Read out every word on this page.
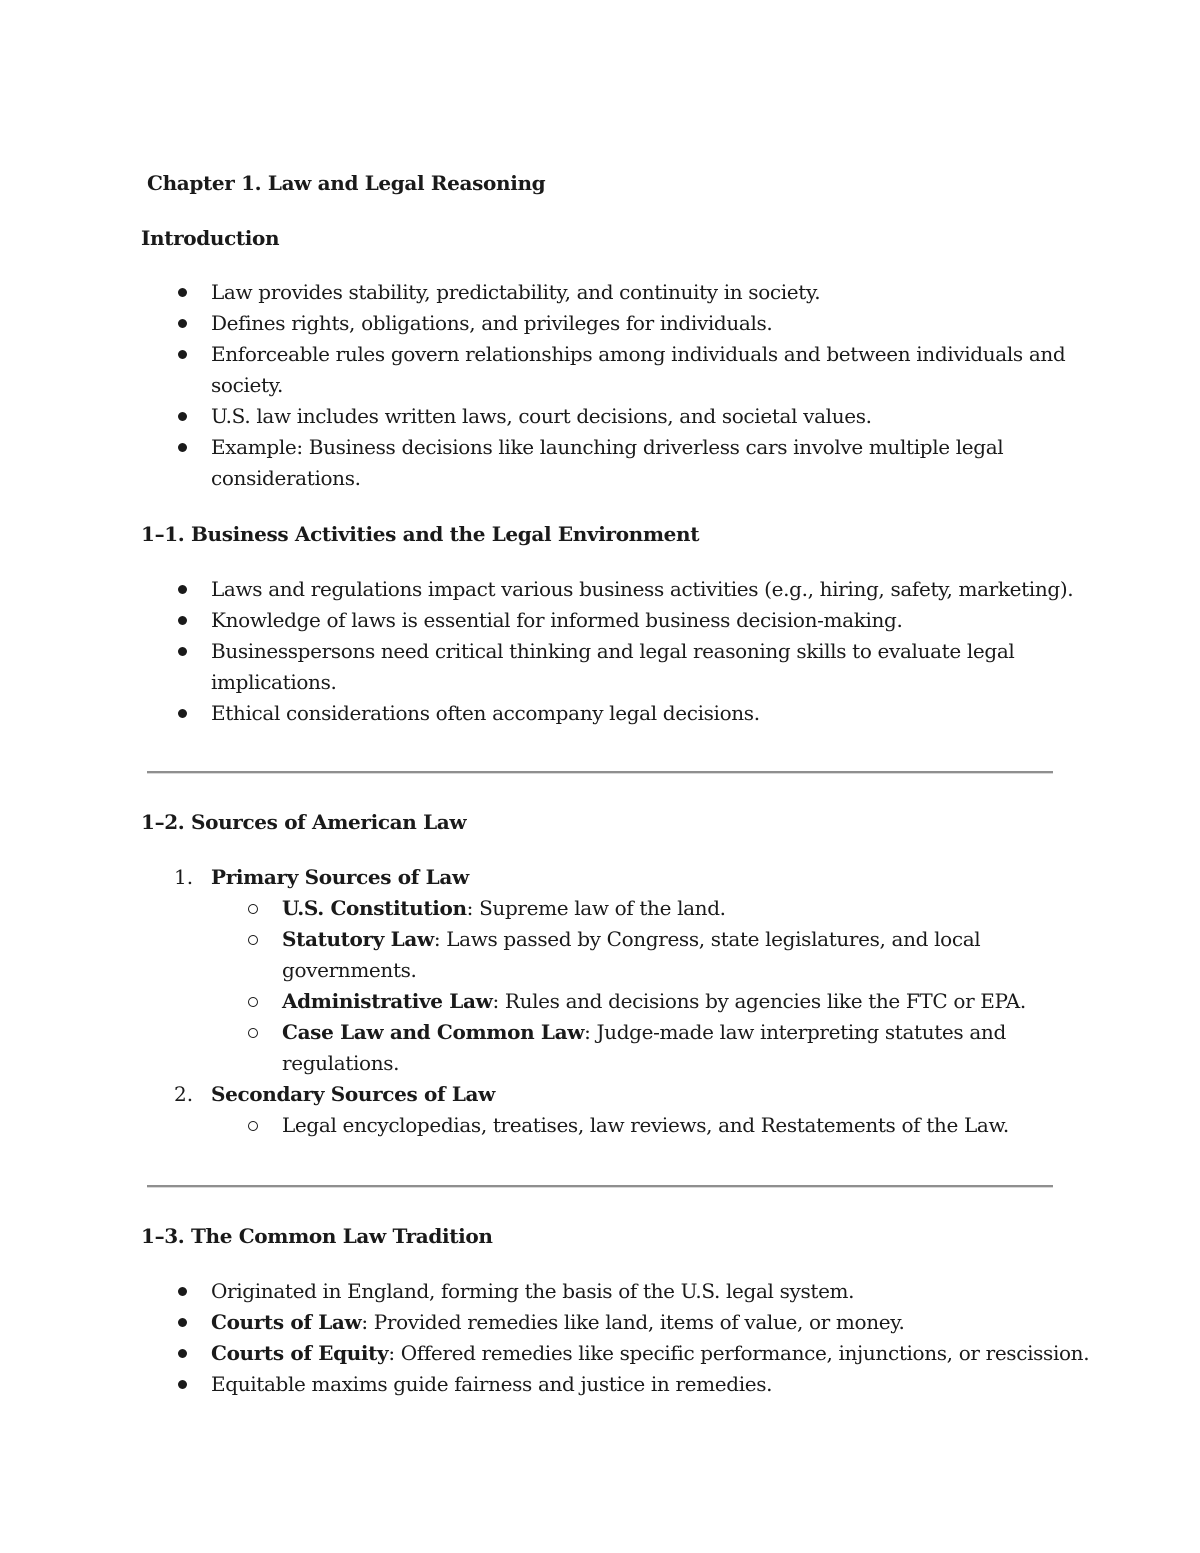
Chapter 1. Law and Legal Reasoning
Introduction
Law provides stability, predictability, and continuity in society.
Defines rights, obligations, and privileges for individuals.
Enforceable rules govern relationships among individuals and between individuals and
society.
U.S. law includes written laws, court decisions, and societal values.
Example: Business decisions like launching driverless cars involve multiple legal
considerations.
1–1. Business Activities and the Legal Environment
Laws and regulations impact various business activities (e.g., hiring, safety, marketing).
Knowledge of laws is essential for informed business decision-making.
Businesspersons need critical thinking and legal reasoning skills to evaluate legal
implications.
Ethical considerations often accompany legal decisions.
1–2. Sources of American Law
1. Primary Sources of Law
U.S. Constitution: Supreme law of the land.
Statutory Law: Laws passed by Congress, state legislatures, and local
governments.
Administrative Law: Rules and decisions by agencies like the FTC or EPA.
Case Law and Common Law: Judge-made law interpreting statutes and
regulations.
2. Secondary Sources of Law
Legal encyclopedias, treatises, law reviews, and Restatements of the Law.
1–3. The Common Law Tradition
Originated in England, forming the basis of the U.S. legal system.
Courts of Law: Provided remedies like land, items of value, or money.
Courts of Equity: Offered remedies like specific performance, injunctions, or rescission.
Equitable maxims guide fairness and justice in remedies.
